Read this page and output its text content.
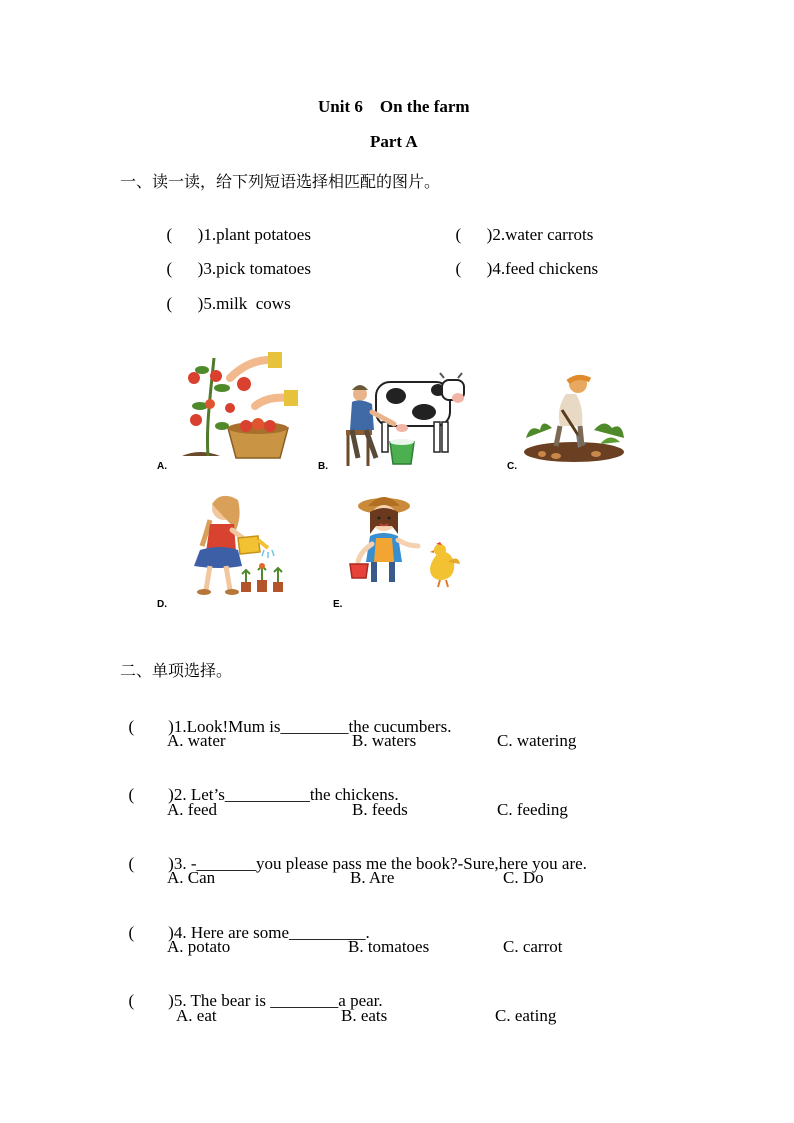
Unit 6    On the farm
Part A
一、读一读，给下列短语选择相匹配的图片。

(      )1.plant potatoes	(      )2.water carrots

(      )3.pick tomatoes	(      )4.feed chickens

(      )5.milk  cows

A.	B.	C.
D.	E.
二、单项选择。

(        )1.Look!Mum is________the cucumbers.

A. water	B. waters	C. watering

(        )2. Let’s__________the chickens.

A. feed	B. feeds	C. feeding

(        )3. -_______you please pass me the book?-Sure,here you are.

A. Can	B. Are	C. Do

(        )4. Here are some_________.

A. potato	B. tomatoes	C. carrot

(        )5. The bear is ________a pear.

A. eat	B. eats	C. eating
